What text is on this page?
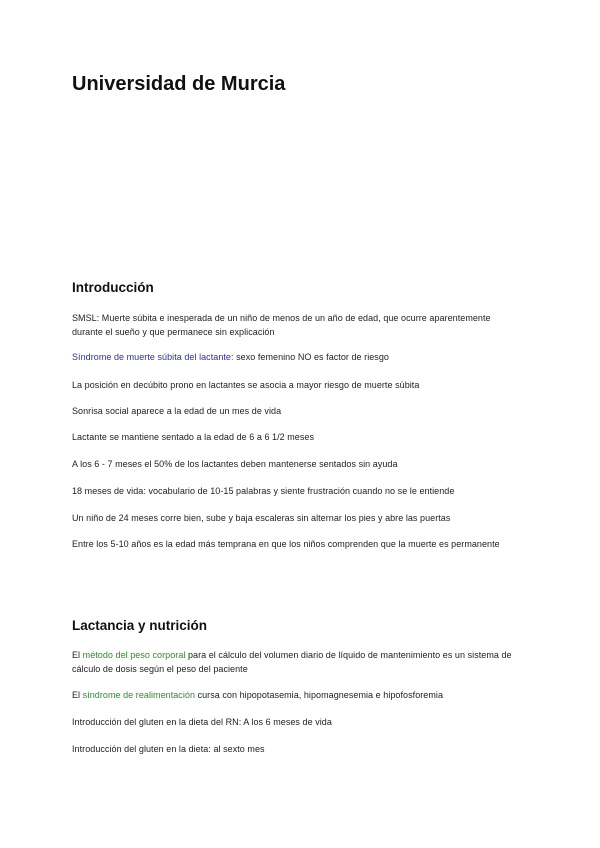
Universidad de Murcia
Introducción

SMSL: Muerte súbita e inesperada de un niño de menos de un año de edad, que ocurre aparentemente durante el sueño y que permanece sin explicación

Síndrome de muerte súbita del lactante: sexo femenino NO es factor de riesgo

La posición en decúbito prono en lactantes se asocia a mayor riesgo de muerte súbita

Sonrisa social aparece a la edad de un mes de vida

Lactante se mantiene sentado a la edad de 6 a 6 1/2 meses

A los 6 - 7 meses el 50% de los lactantes deben mantenerse sentados sin ayuda

18 meses de vida: vocabulario de 10-15 palabras y siente frustración cuando no se le entiende

Un niño de 24 meses corre bien, sube y baja escaleras sin alternar los pies y abre las puertas

Entre los 5-10 años es la edad más temprana en que los niños comprenden que la muerte es permanente

Lactancia y nutrición

El método del peso corporal para el cálculo del volumen diario de líquido de mantenimiento es un sistema de cálculo de dosis según el peso del paciente

El síndrome de realimentación cursa con hipopotasemia, hipomagnesemia e hipofosforemia

Introducción del gluten en la dieta del RN: A los 6 meses de vida

Introducción del gluten en la dieta: al sexto mes
